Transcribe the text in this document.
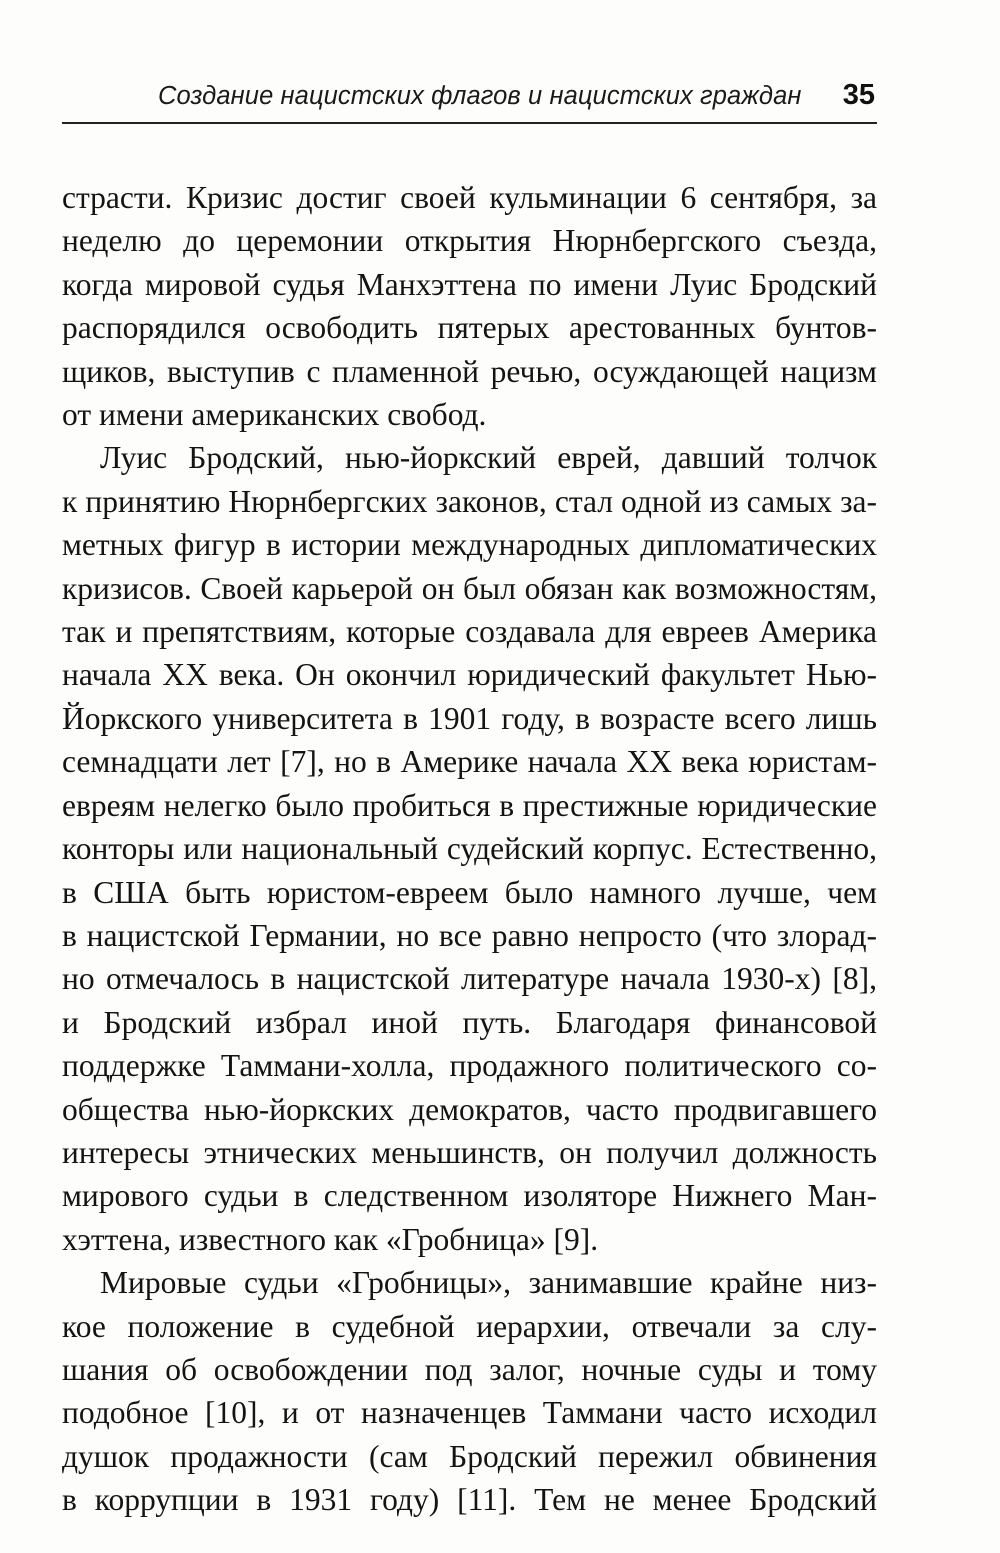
Создание нацистских флагов и нацистских граждан 35
страсти. Кризис достиг своей кульминации 6 сентября, за
неделю до церемонии открытия Нюрнбергского съезда,
когда мировой судья Манхэттена по имени Луис Бродский
распорядился освободить пятерых арестованных бунтов-
щиков, выступив с пламенной речью, осуждающей нацизм
от имени американских свобод.
Луис Бродский, нью-йоркский еврей, давший толчок
к принятию Нюрнбергских законов, стал одной из самых за-
метных фигур в истории международных дипломатических
кризисов. Своей карьерой он был обязан как возможностям,
так и препятствиям, которые создавала для евреев Америка
начала XX века. Он окончил юридический факультет Нью-
Йоркского университета в 1901 году, в возрасте всего лишь
семнадцати лет [7], но в Америке начала XX века юристам-
евреям нелегко было пробиться в престижные юридические
конторы или национальный судейский корпус. Естественно,
в США быть юристом-евреем было намного лучше, чем
в нацистской Германии, но все равно непросто (что злорад-
но отмечалось в нацистской литературе начала 1930-х) [8],
и Бродский избрал иной путь. Благодаря финансовой
поддержке Таммани-холла, продажного политического со-
общества нью-йоркских демократов, часто продвигавшего
интересы этнических меньшинств, он получил должность
мирового судьи в следственном изоляторе Нижнего Ман-
хэттена, известного как «Гробница» [9].
Мировые судьи «Гробницы», занимавшие крайне низ-
кое положение в судебной иерархии, отвечали за слу-
шания об освобождении под залог, ночные суды и тому
подобное [10], и от назначенцев Таммани часто исходил
душок продажности (сам Бродский пережил обвинения
в коррупции в 1931 году) [11]. Тем не менее Бродский
